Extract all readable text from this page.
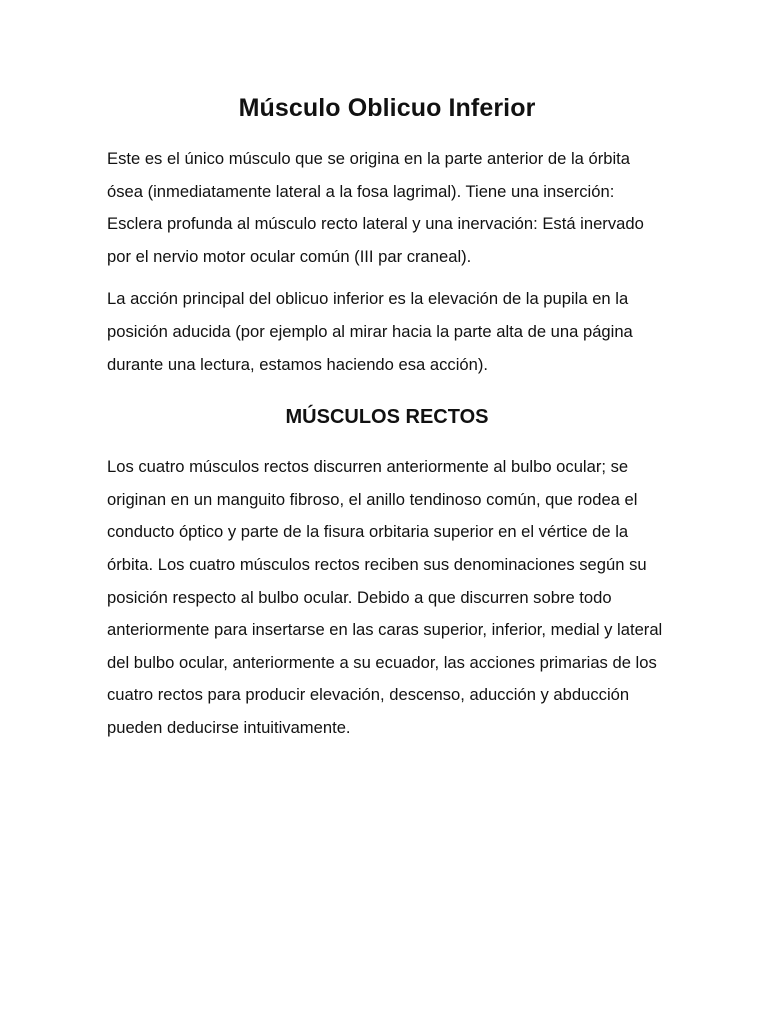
Músculo Oblicuo Inferior

Este es el único músculo que se origina en la parte anterior de la órbita ósea (inmediatamente lateral a la fosa lagrimal). Tiene una inserción: Esclera profunda al músculo recto lateral y una inervación: Está inervado por el nervio motor ocular común (III par craneal).

La acción principal del oblicuo inferior es la elevación de la pupila en la posición aducida (por ejemplo al mirar hacia la parte alta de una página durante una lectura, estamos haciendo esa acción).

MÚSCULOS RECTOS

Los cuatro músculos rectos discurren anteriormente al bulbo ocular; se originan en un manguito fibroso, el anillo tendinoso común, que rodea el conducto óptico y parte de la fisura orbitaria superior en el vértice de la órbita. Los cuatro músculos rectos reciben sus denominaciones según su posición respecto al bulbo ocular. Debido a que discurren sobre todo anteriormente para insertarse en las caras superior, inferior, medial y lateral del bulbo ocular, anteriormente a su ecuador, las acciones primarias de los cuatro rectos para producir elevación, descenso, aducción y abducción pueden deducirse intuitivamente.
